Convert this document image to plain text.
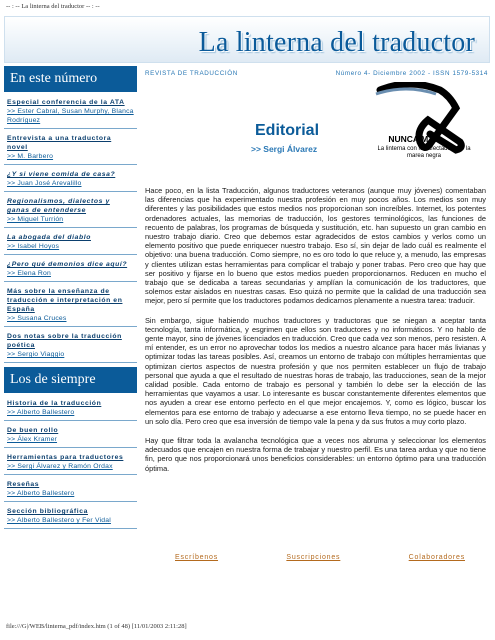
-- : -- La linterna del traductor -- : --
La linterna del traductor
En este número
Especial conferencia de la ATA
>> Ester Cabral, Susan Murphy, Blanca Rodríguez
Entrevista a una traductora novel
>> M. Barbero
¿Y si viene comida de casa?
>> Juan José Arevalillo
Regionalismos, dialectos y ganas de entenderse
>> Miguel Turrión
La abogada del diablo
>> Isabel Hoyos
¿Pero qué demonios dice aquí?
>> Elena Ron
Más sobre la enseñanza de traducción e interpretación en España
>> Susana Cruces
Dos notas sobre la traducción poética
>> Sergio Viaggio
Los de siempre
Historia de la traducción
>> Alberto Ballestero
De buen rollo
>> Álex Kramer
Herramientas para traductores
>> Sergi Álvarez y Ramón Ordax
Reseñas
>> Alberto Ballestero
Sección bibliográfica
>> Alberto Ballestero y Fer Vidal
REVISTA DE TRADUCCIÓN	Número 4- Diciembre 2002 - ISSN 1579-5314
NUNCA MÁS
La linterna con los afectados por la marea negra
Editorial
>> Sergi Álvarez

Hace poco, en la lista Traducción, algunos traductores veteranos (aunque muy jóvenes) comentaban las diferencias que ha experimentado nuestra profesión en muy pocos años. Los medios son muy diferentes y las posibilidades que estos medios nos proporcionan son increíbles. Internet, los potentes ordenadores actuales, las memorias de traducción, los gestores terminológicos, las funciones de recuento de palabras, los programas de búsqueda y sustitución, etc. han supuesto un gran cambio en nuestro trabajo diario. Creo que debemos estar agradecidos de estos cambios y verlos como un elemento positivo que puede enriquecer nuestro trabajo. Eso sí, sin dejar de lado cuál es realmente el objetivo: una buena traducción. Como siempre, no es oro todo lo que reluce y, a menudo, las empresas y clientes utilizan estas herramientas para complicar el trabajo y poner trabas. Pero creo que hay que ser positivo y fijarse en lo bueno que estos medios pueden proporcionarnos. Reducen en mucho el trabajo que se dedicaba a tareas secundarias y amplían la comunicación de los traductores, que solemos estar aislados en nuestras casas. Eso quizá no permite que la calidad de una traducción sea mejor, pero sí permite que los traductores podamos dedicarnos plenamente a nuestra tarea: traducir.

Sin embargo, sigue habiendo muchos traductores y traductoras que se niegan a aceptar tanta tecnología, tanta informática, y esgrimen que ellos son traductores y no informáticos. Y no hablo de gente mayor, sino de jóvenes licenciados en traducción. Creo que cada vez son menos, pero resisten. A mí entender, es un error no aprovechar todos los medios a nuestro alcance para hacer más livianas y optimizar todas las tareas posibles. Así, creamos un entorno de trabajo con múltiples herramientas que optimizan ciertos aspectos de nuestra profesión y que nos permiten establecer un flujo de trabajo personal que ayuda a que el resultado de nuestras horas de trabajo, las traducciones, sean de la mejor calidad posible. Cada entorno de trabajo es personal y también lo debe ser la elección de las herramientas que vayamos a usar. Lo interesante es buscar constantemente diferentes elementos que nos ayuden a crear ese entorno perfecto en el que mejor encajemos. Y, como es lógico, buscar los elementos para ese entorno de trabajo y adecuarse a ese entorno lleva tiempo, no se puede hacer en un solo día. Pero creo que esa inversión de tiempo vale la pena y da sus frutos a muy corto plazo.

Hay que filtrar toda la avalancha tecnológica que a veces nos abruma y seleccionar los elementos adecuados que encajen en nuestra forma de trabajar y nuestro perfil. Es una tarea ardua y que no tiene fin, pero que nos proporcionará unos beneficios considerables: un entorno óptimo para una traducción óptima.

Escríbenos	Suscripciones	Colaboradores
file:///G|/WEB/linterna_pdf/index.htm (1 of 48) [11/01/2003 2:11:28]
